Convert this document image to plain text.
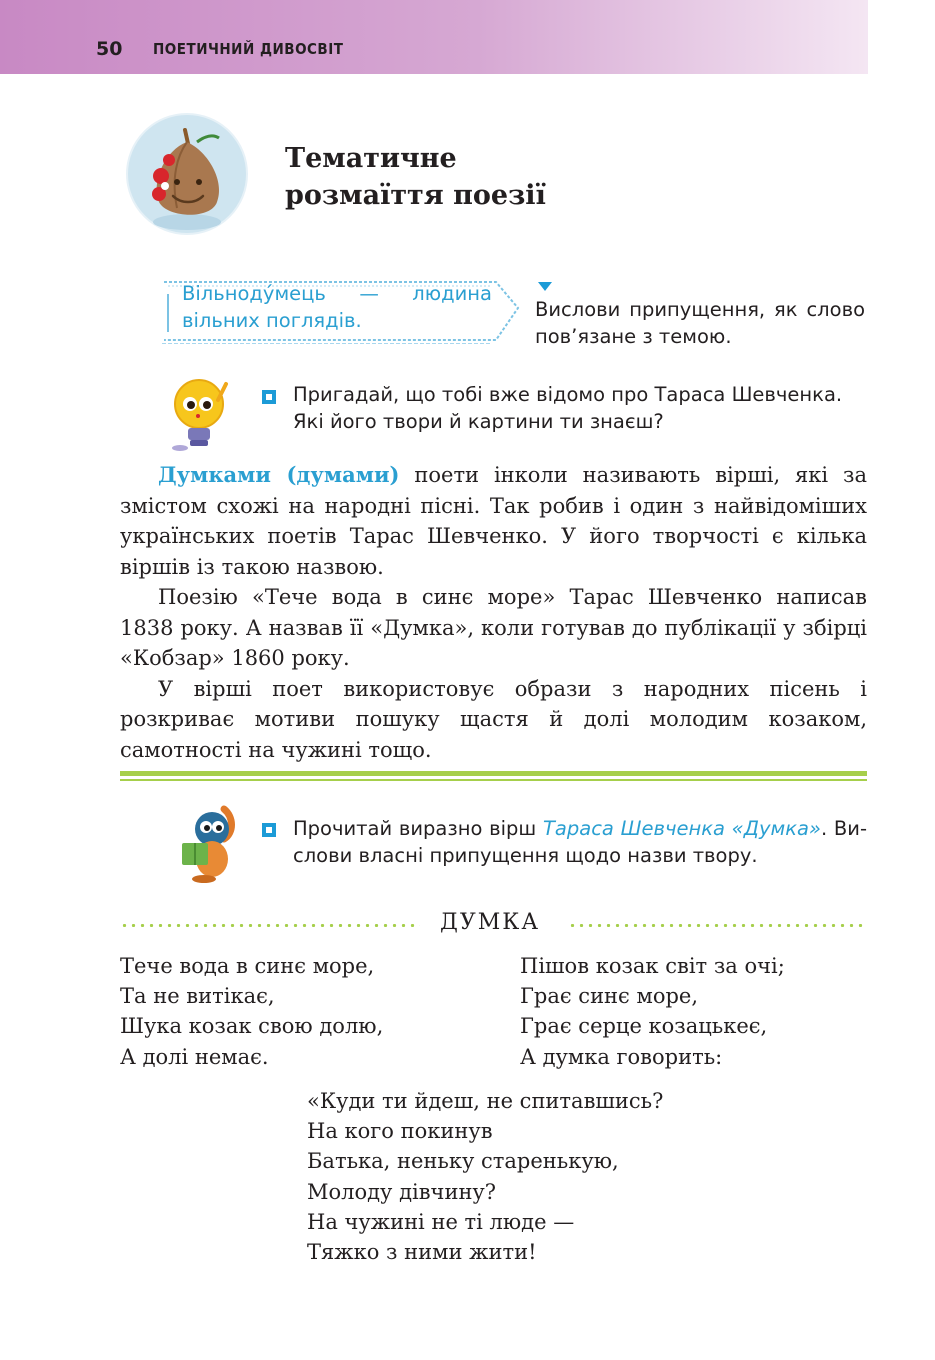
50 ПОЕТИЧНИЙ ДИВОСВІТ
Тематичне
розмаїття поезії
Вільнодýмець — людина вільних поглядів.	Вислови припущення, як слово пов’язане з темою.
Пригадай, що тобі вже відомо про Тараса Шевченка.
Які його твори й картини ти знаєш?

Думками (думами) поети інколи називають вірші, які за змістом схожі на народні пісні. Так робив і один з найвідоміших українських поетів Тарас Шевченко. У його творчості є кілька віршів із такою назвою.

Поезію «Тече вода в синє море» Тарас Шевченко написав 1838 року. А назвав її «Думка», коли готував до публікації у збірці «Кобзар» 1860 року.

У вірші поет використовує образи з народних пісень і розкриває мотиви пошуку щастя й долі молодим козаком, самотності на чужині тощо.

Прочитай виразно вірш Тараса Шевченка «Думка». Вислови власні припущення щодо назви твору.
ДУМКА
Тече вода в синє море,
Та не витікає,
Шука козак свою долю,
А долі немає.
Пішов козак світ за очі;
Грає синє море,
Грає серце козацькеє,
А думка говорить:
«Куди ти йдеш, не спитавшись?
На кого покинув
Батька, неньку старенькую,
Молоду дівчину?
На чужині не ті люде —
Тяжко з ними жити!
